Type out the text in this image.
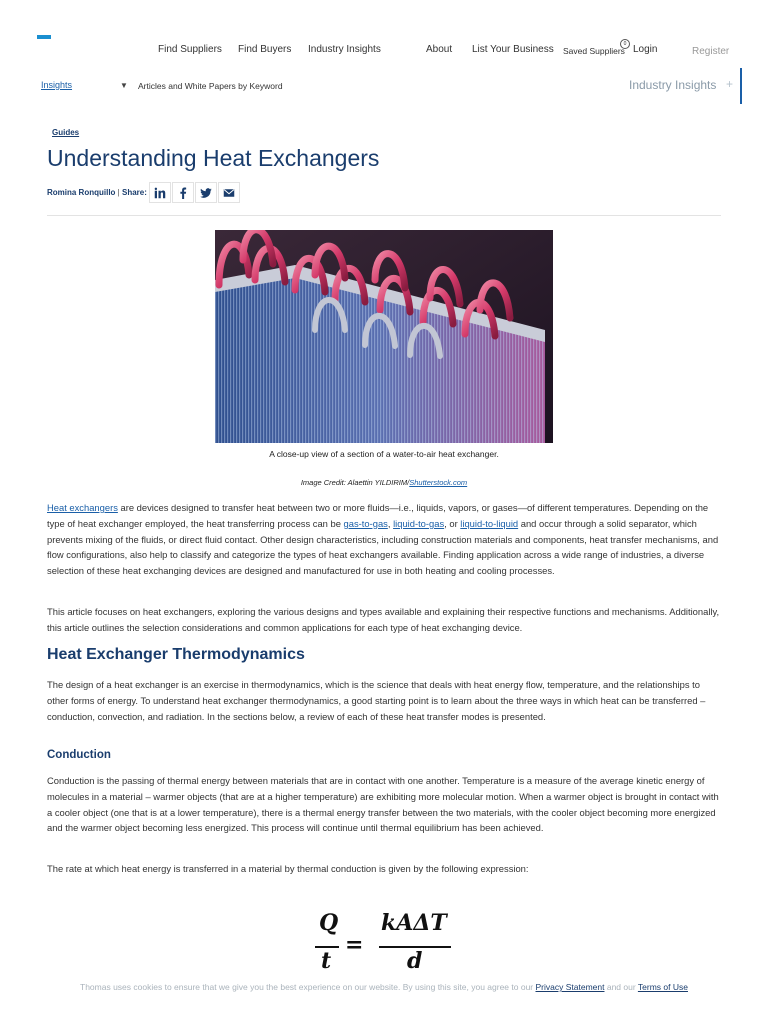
Find Suppliers Find Buyers Industry Insights	About List Your Business Saved Suppliers Login	Register
0
Insights	▼ Articles and White Papers by Keyword	Industry Insights +
Guides
Understanding Heat Exchangers
Romina Ronquillo | Share:
A close-up view of a section of a water-to-air heat exchanger.
Image Credit: Alaettin YILDIRIM/Shutterstock.com
Heat exchangers are devices designed to transfer heat between two or more fluids—i.e., liquids, vapors, or gases—of different temperatures. Depending on the type of heat exchanger employed, the heat transferring process can be gas-to-gas, liquid-to-gas, or liquid-to-liquid and occur through a solid separator, which prevents mixing of the fluids, or direct fluid contact. Other design characteristics, including construction materials and components, heat transfer mechanisms, and flow configurations, also help to classify and categorize the types of heat exchangers available. Finding application across a wide range of industries, a diverse selection of these heat exchanging devices are designed and manufactured for use in both heating and cooling processes.
This article focuses on heat exchangers, exploring the various designs and types available and explaining their respective functions and mechanisms. Additionally, this article outlines the selection considerations and common applications for each type of heat exchanging device.
Heat Exchanger Thermodynamics
The design of a heat exchanger is an exercise in thermodynamics, which is the science that deals with heat energy flow, temperature, and the relationships to other forms of energy. To understand heat exchanger thermodynamics, a good starting point is to learn about the three ways in which heat can be transferred – conduction, convection, and radiation. In the sections below, a review of each of these heat transfer modes is presented.
Conduction
Conduction is the passing of thermal energy between materials that are in contact with one another. Temperature is a measure of the average kinetic energy of molecules in a material – warmer objects (that are at a higher temperature) are exhibiting more molecular motion. When a warmer object is brought in contact with a cooler object (one that is at a lower temperature), there is a thermal energy transfer between the two materials, with the cooler object becoming more energized and the warmer object becoming less energized. This process will continue until thermal equilibrium has been achieved.
The rate at which heat energy is transferred in a material by thermal conduction is given by the following expression:
Q
t
=
kAΔT
d
Thomas uses cookies to ensure that we give you the best experience on our website. By using this site, you agree to our Privacy Statement and our Terms of Use
